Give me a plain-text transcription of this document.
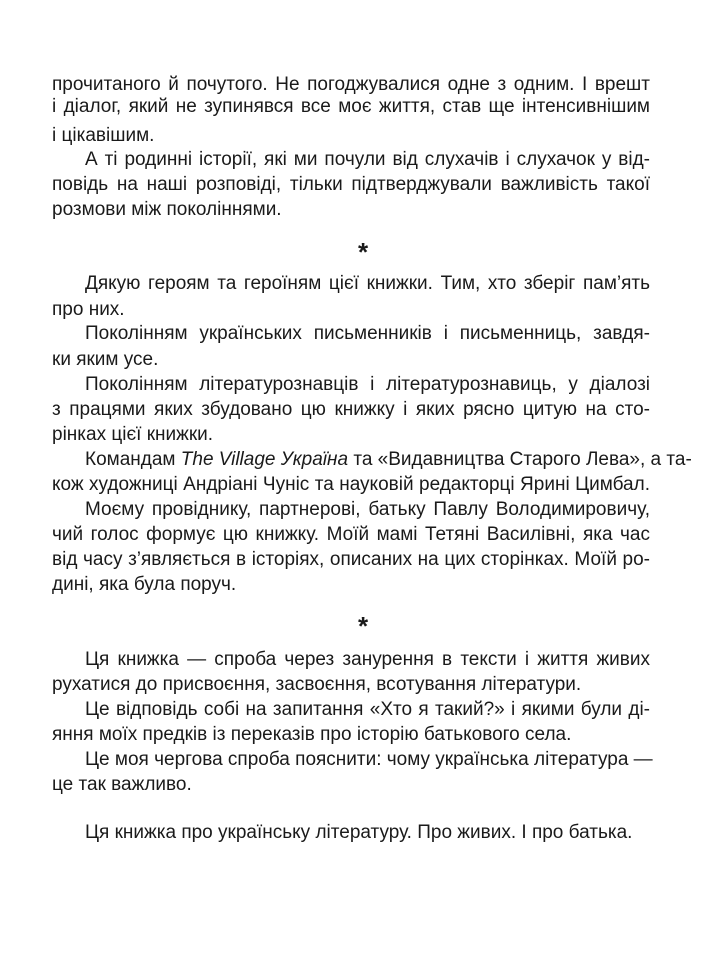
прочитаного й почутого. Не погоджувалися одне з одним. І врешт
і діалог, який не зупинявся все моє життя, став ще інтенсивнішим
і цікавішим.
А ті родинні історії, які ми почули від слухачів і слухачок у від-
повідь на наші розповіді, тільки підтверджували важливість такої
розмови між поколіннями.
*
Дякую героям та героїням цієї книжки. Тим, хто зберіг пам’ять
про них.
Поколінням українських письменників і письменниць, завдя-
ки яким усе.
Поколінням літературознавців і літературознавиць, у діалозі
з працями яких збудовано цю книжку і яких рясно цитую на сто-
рінках цієї книжки.
Командам The Village Україна та «Видавництва Старого Лева», а та-
кож художниці Андріані Чуніс та науковій редакторці Ярині Цимбал.
Моєму провіднику, партнерові, батьку Павлу Володимировичу,
чий голос формує цю книжку. Моїй мамі Тетяні Василівні, яка час
від часу з’являється в історіях, описаних на цих сторінках. Моїй ро-
дині, яка була поруч.
*
Ця книжка — спроба через занурення в тексти і життя живих
рухатися до присвоєння, засвоєння, всотування літератури.
Це відповідь собі на запитання «Хто я такий?» і якими були ді-
яння моїх предків із переказів про історію батькового села.
Це моя чергова спроба пояснити: чому українська література —
це так важливо.
Ця книжка про українську літературу. Про живих. І про батька.
